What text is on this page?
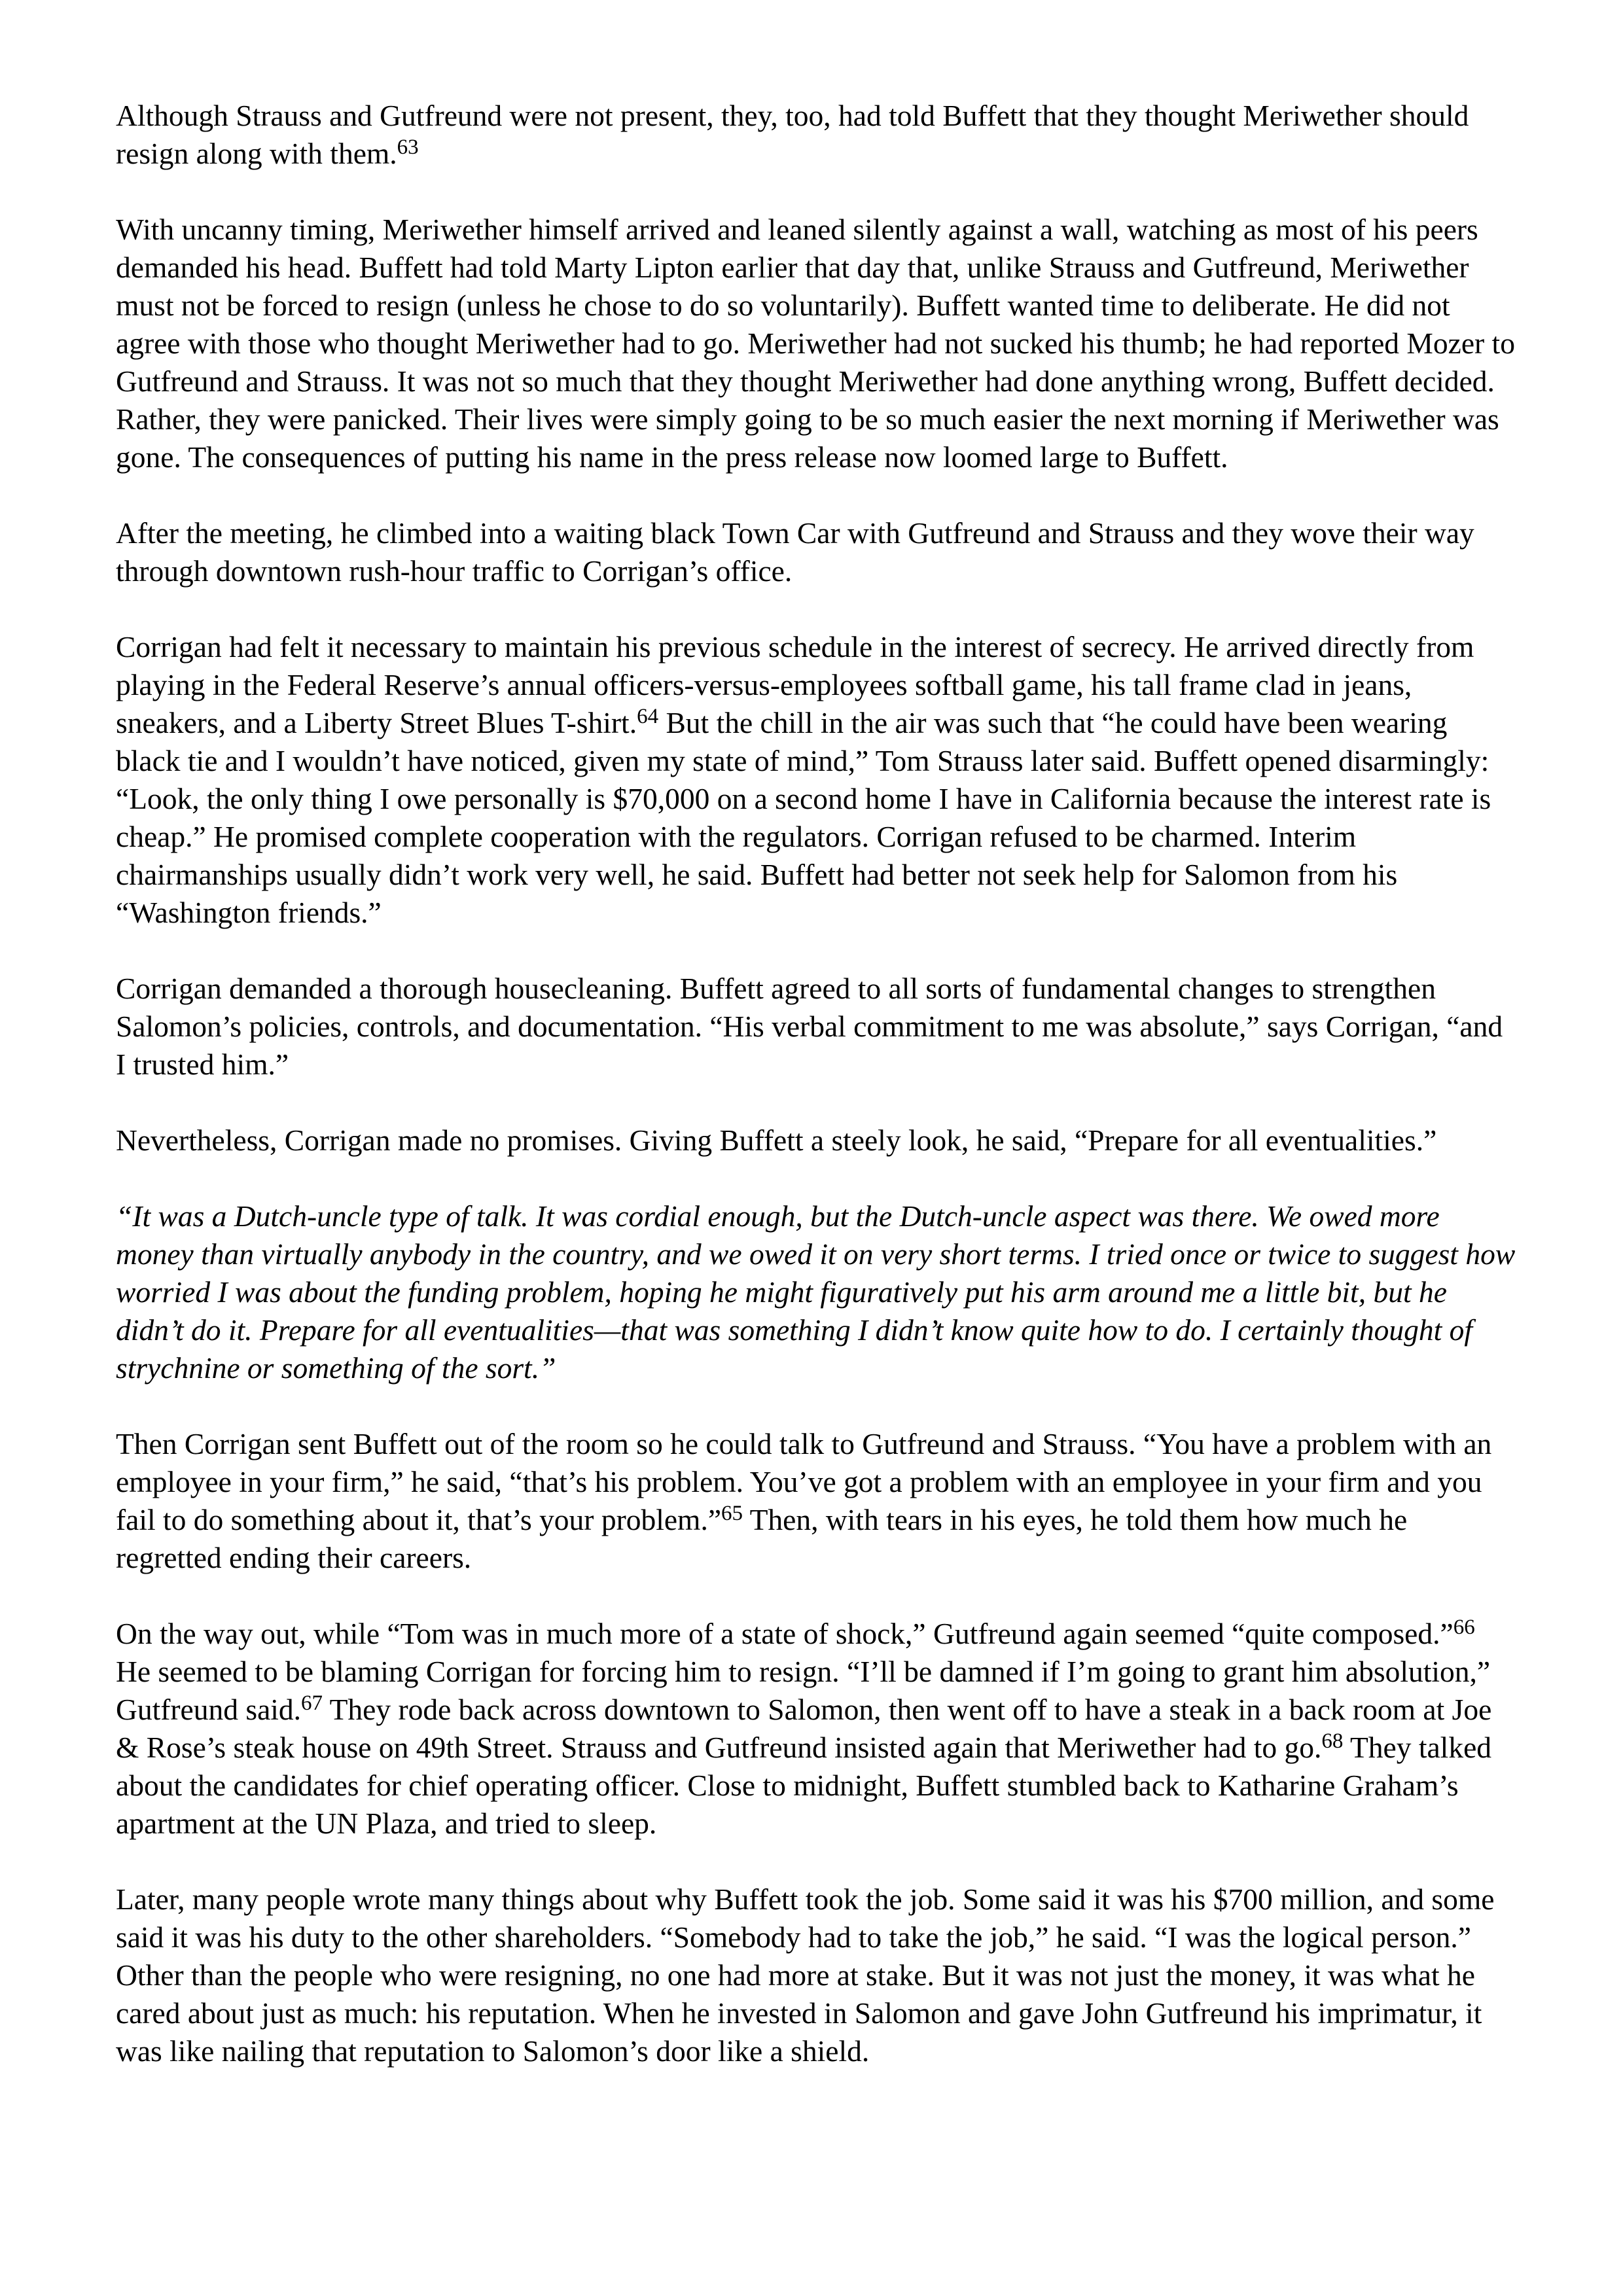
Although Strauss and Gutfreund were not present, they, too, had told Buffett that they thought Meriwether should resign along with them.$^{63}$

With uncanny timing, Meriwether himself arrived and leaned silently against a wall, watching as most of his peers demanded his head. Buffett had told Marty Lipton earlier that day that, unlike Strauss and Gutfreund, Meriwether must not be forced to resign (unless he chose to do so voluntarily). Buffett wanted time to deliberate. He did not agree with those who thought Meriwether had to go. Meriwether had not sucked his thumb; he had reported Mozer to Gutfreund and Strauss. It was not so much that they thought Meriwether had done anything wrong, Buffett decided. Rather, they were panicked. Their lives were simply going to be so much easier the next morning if Meriwether was gone. The consequences of putting his name in the press release now loomed large to Buffett.

After the meeting, he climbed into a waiting black Town Car with Gutfreund and Strauss and they wove their way through downtown rush-hour traffic to Corrigan’s office.

Corrigan had felt it necessary to maintain his previous schedule in the interest of secrecy. He arrived directly from playing in the Federal Reserve’s annual officers-versus-employees softball game, his tall frame clad in jeans, sneakers, and a Liberty Street Blues T-shirt.$^{64}$ But the chill in the air was such that “he could have been wearing black tie and I wouldn’t have noticed, given my state of mind,” Tom Strauss later said. Buffett opened disarmingly: “Look, the only thing I owe personally is $70,000 on a second home I have in California because the interest rate is cheap.” He promised complete cooperation with the regulators. Corrigan refused to be charmed. Interim chairmanships usually didn’t work very well, he said. Buffett had better not seek help for Salomon from his “Washington friends.”

Corrigan demanded a thorough housecleaning. Buffett agreed to all sorts of fundamental changes to strengthen Salomon’s policies, controls, and documentation. “His verbal commitment to me was absolute,” says Corrigan, “and I trusted him.”

Nevertheless, Corrigan made no promises. Giving Buffett a steely look, he said, “Prepare for all eventualities.”

“It was a Dutch-uncle type of talk. It was cordial enough, but the Dutch-uncle aspect was there. We owed more money than virtually anybody in the country, and we owed it on very short terms. I tried once or twice to suggest how worried I was about the funding problem, hoping he might figuratively put his arm around me a little bit, but he didn’t do it. Prepare for all eventualities—that was something I didn’t know quite how to do. I certainly thought of strychnine or something of the sort.”

Then Corrigan sent Buffett out of the room so he could talk to Gutfreund and Strauss. “You have a problem with an employee in your firm,” he said, “that’s his problem. You’ve got a problem with an employee in your firm and you fail to do something about it, that’s your problem.”$^{65}$ Then, with tears in his eyes, he told them how much he regretted ending their careers.

On the way out, while “Tom was in much more of a state of shock,” Gutfreund again seemed “quite composed.”$^{66}$ He seemed to be blaming Corrigan for forcing him to resign. “I’ll be damned if I’m going to grant him absolution,” Gutfreund said.$^{67}$ They rode back across downtown to Salomon, then went off to have a steak in a back room at Joe & Rose’s steak house on 49th Street. Strauss and Gutfreund insisted again that Meriwether had to go.$^{68}$ They talked about the candidates for chief operating officer. Close to midnight, Buffett stumbled back to Katharine Graham’s apartment at the UN Plaza, and tried to sleep.

Later, many people wrote many things about why Buffett took the job. Some said it was his $700 million, and some said it was his duty to the other shareholders. “Somebody had to take the job,” he said. “I was the logical person.” Other than the people who were resigning, no one had more at stake. But it was not just the money, it was what he cared about just as much: his reputation. When he invested in Salomon and gave John Gutfreund his imprimatur, it was like nailing that reputation to Salomon’s door like a shield.
